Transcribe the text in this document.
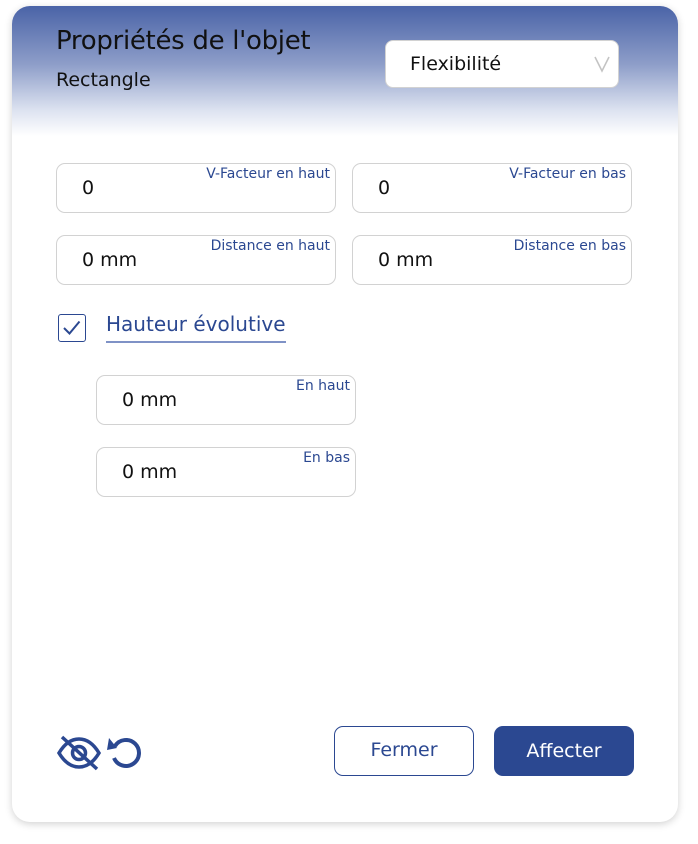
Propriétés de l'objet
Rectangle
Flexibilité
0
V-Facteur en haut
0
V-Facteur en bas
0 mm
Distance en haut
0 mm
Distance en bas
Hauteur évolutive
0 mm
En haut
0 mm
En bas
Fermer	Affecter
